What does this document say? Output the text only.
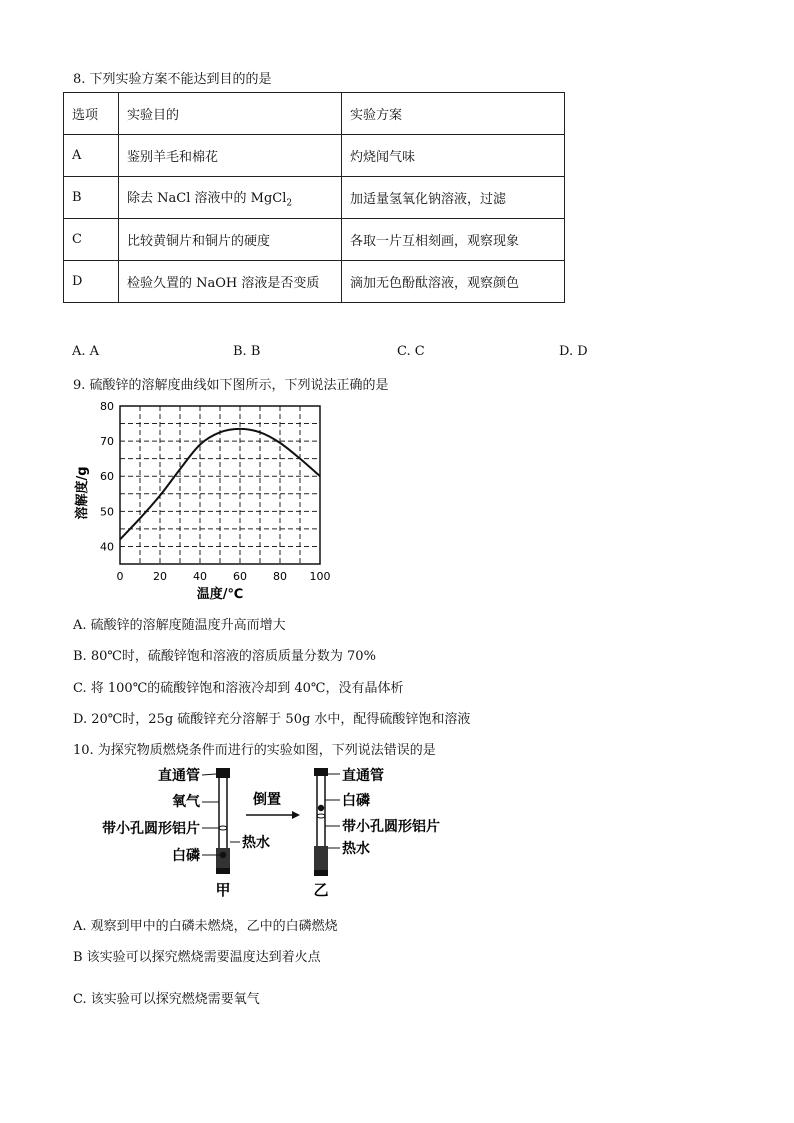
8. 下列实验方案不能达到目的的是
选项	实验目的	实验方案
A	鉴别羊毛和棉花	灼烧闻气味
B	除去 NaCl 溶液中的 MgCl$_2$	加适量氢氧化钠溶液，过滤
C	比较黄铜片和铜片的硬度	各取一片互相刻画，观察现象
D	检验久置的 NaOH 溶液是否变质	滴加无色酚酞溶液，观察颜色
A. A	B. B	C. C	D. D
9. 硫酸锌的溶解度曲线如下图所示，下列说法正确的是
0	20 40 60 80 100
40
50
60
70
80
温度/℃
溶解度/g
A. 硫酸锌的溶解度随温度升高而增大
B. 80℃时，硫酸锌饱和溶液的溶质质量分数为 70%
C. 将 100℃的硫酸锌饱和溶液冷却到 40℃，没有晶体析
D. 20℃时，25g 硫酸锌充分溶解于 50g 水中，配得硫酸锌饱和溶液
10. 为探究物质燃烧条件而进行的实验如图，下列说法错误的是
直通管
氧气
带小孔圆形铝片
白磷
热水
甲
倒置
直通管
白磷
带小孔圆形铝片
热水
乙
A. 观察到甲中的白磷未燃烧，乙中的白磷燃烧
B 该实验可以探究燃烧需要温度达到着火点
C. 该实验可以探究燃烧需要氧气
